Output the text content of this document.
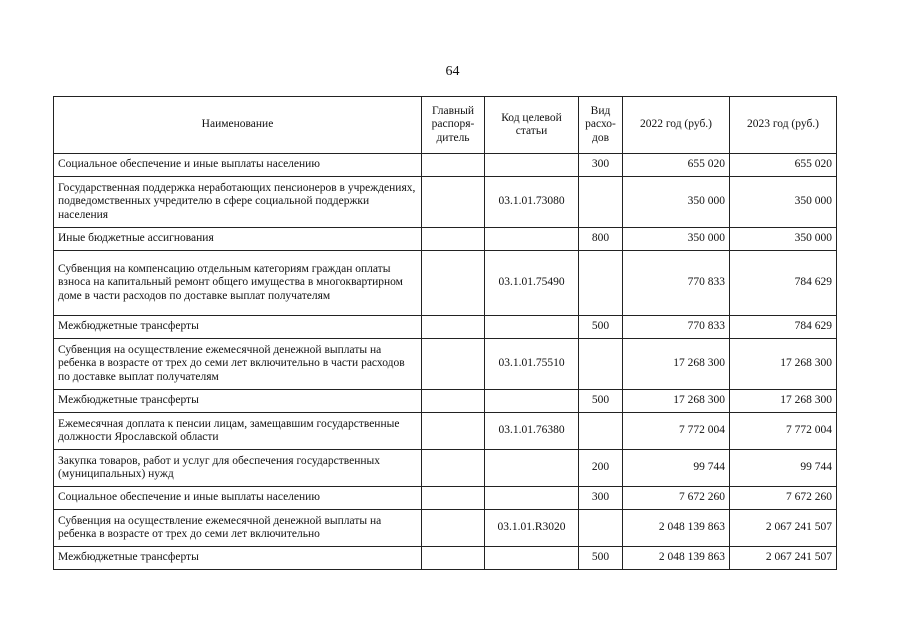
64
Наименование	Главный распоря-дитель	Код целевой статьи	Вид расхо-дов	2022 год (руб.)	2023 год (руб.)
Социальное обеспечение и иные выплаты населению			300	655 020	655 020
Государственная поддержка неработающих пенсионеров в учреждениях, подведомственных учредителю в сфере социальной поддержки населения		03.1.01.73080		350 000	350 000
Иные бюджетные ассигнования			800	350 000	350 000
Субвенция на компенсацию отдельным категориям граждан оплаты взноса на капитальный ремонт общего имущества в многоквартирном доме в части расходов по доставке выплат получателям		03.1.01.75490		770 833	784 629
Межбюджетные трансферты			500	770 833	784 629
Субвенция на осуществление ежемесячной денежной выплаты на ребенка в возрасте от трех до семи лет включительно в части расходов по доставке выплат получателям		03.1.01.75510		17 268 300	17 268 300
Межбюджетные трансферты			500	17 268 300	17 268 300
Ежемесячная доплата к пенсии лицам, замещавшим государственные должности Ярославской области		03.1.01.76380		7 772 004	7 772 004
Закупка товаров, работ и услуг для обеспечения государственных (муниципальных) нужд			200	99 744	99 744
Социальное обеспечение и иные выплаты населению			300	7 672 260	7 672 260
Субвенция на осуществление ежемесячной денежной выплаты на ребенка в возрасте от трех до семи лет включительно		03.1.01.R3020		2 048 139 863	2 067 241 507
Межбюджетные трансферты			500	2 048 139 863	2 067 241 507
